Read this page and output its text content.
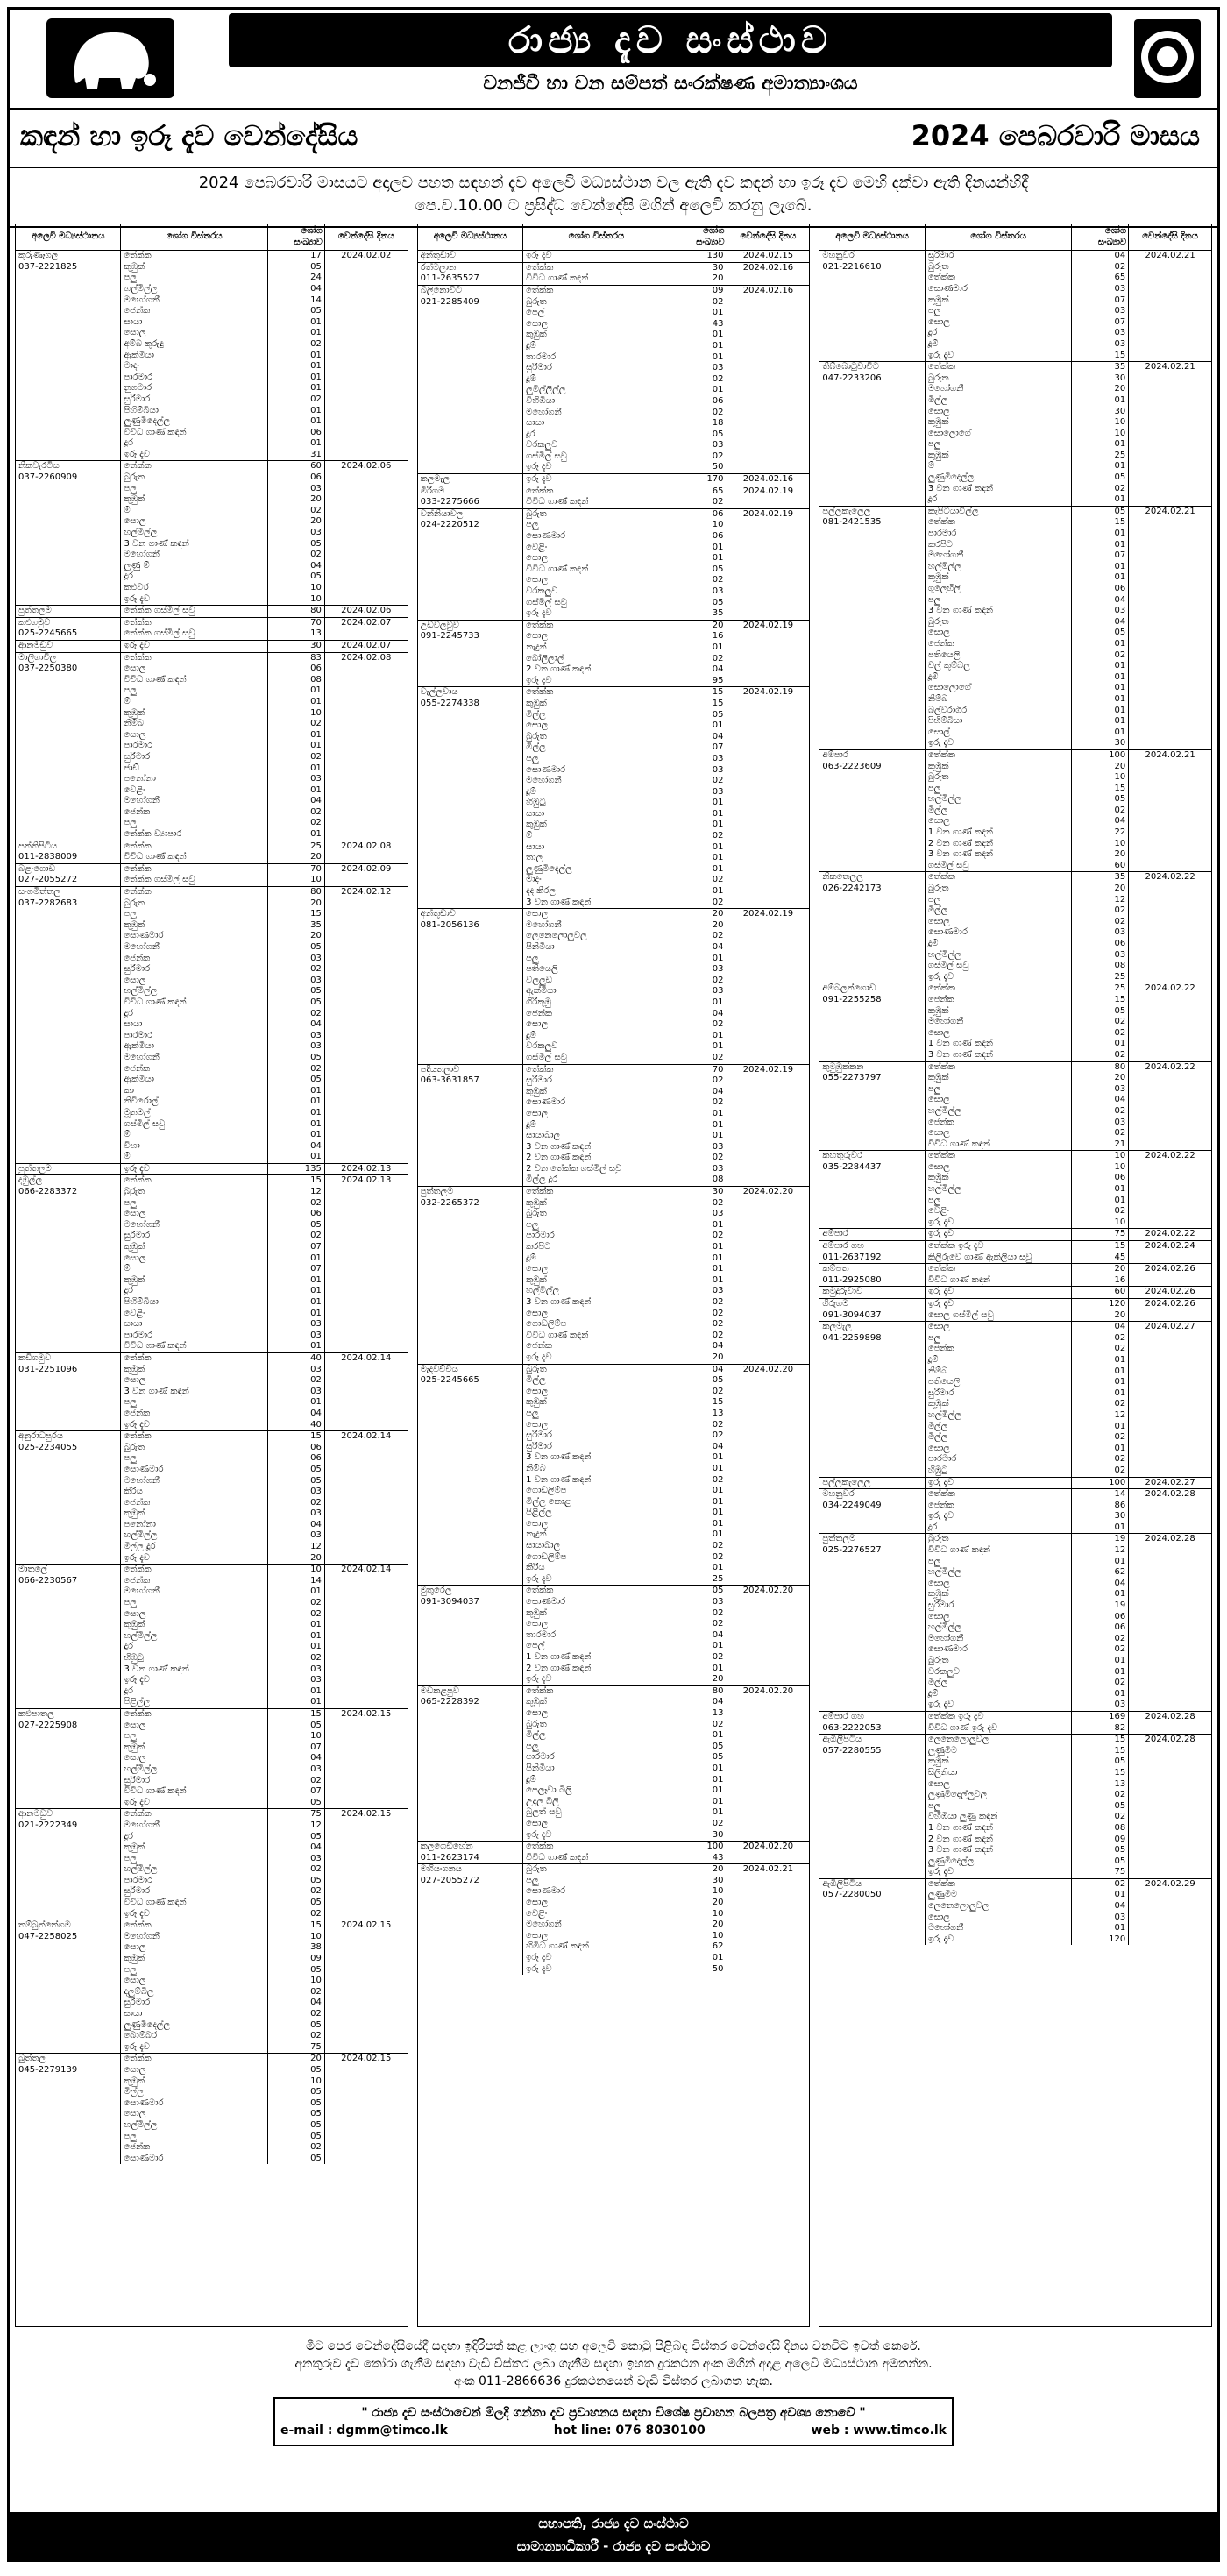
රාජ්‍ය දැව සංස්ථාව
වනජීවී හා වන සම්පත් සංරක්ෂණ අමාත්‍යාංශය
කඳන් හා ඉරූ දැව වෙන්දේසිය	2024 පෙබරවාරි මාසය
2024 පෙබරවාරි මාසයට අදාලව පහත සඳහන් දැව අලෙවි මධ්‍යස්ථාන වල ඇති දැව කඳන් හා ඉරූ දැව මෙහි දක්වා ඇති දිනයන්හිදී
පෙ.ව.10.00 ට ප්‍රසිද්ධ වෙන්දේසි මගින් අලෙවි කරනු ලැබේ.
අලෙවි මධ්‍යස්ථානය	ශෝග විස්තරය	ශෝග සංඛ්‍යාව	වෙන්දේසි දිනය
කුරුණෑගල	තේක්ක	17	2024.02.02
037-2221825	කුඹුක්	05	
	පලු	24	
	හල්මිල්ල	04	
	මහෝගනී	14	
	ජෙන්ක	05	
	සායා	01	
	සොල	01	
	අම්බ කුරුඳු	02	
	ඇක්මීයා	01	
	මාදං	01	
	පාරමාර	01	
	නුගමාර	01	
	සුරිමාර	02	
	පිහිම්බියා	01	
	ලුණුමිදෙල්ල	01	
	විවිධ ගාණ් කඳන්	06	
	දූර	01	
	ඉරූ දැව	31	
නිකවැරටිය	තේක්ක	60	2024.02.06
037-2260909	බුරුත	06	
	පලු	03	
	කුඹුක්	20	
	ම්	02	
	සොල	20	
	හල්මිල්ල	03	
	3 වන ගාණ් කඳන්	05	
	මහෝගනී	02	
	ලුණු ම්	04	
	දූර	05	
	කළුවර	10	
	ඉරූ දැව	10	
පුත්තලම	තේක්ක ගස්මිල් සවු	80	2024.02.06
කළුගමුව	තේක්ක	70	2024.02.07
025-2245665	තේක්ක ගස්මිල් සවු	13	
ආනමඩුව	ඉරූ දැව	30	2024.02.07
මාලිගාවිල	තේක්ක	83	2024.02.08
037-2250380	සොල	06	
	විවිධ ගාණ් කඳන්	08	
	පලු	01	
	ම්	01	
	කුඹුක්	10	
	නිම්බ	02	
	සොල	01	
	පාරමාර	01	
	සුරිමාර	02	
	ජාඩ්	01	
	පනෝනා	03	
	වෙළිං	01	
	මහෝගනී	04	
	ජෙන්ක	02	
	පලු	02	
	තේක්ක ව්‍යාපාර	01	
පන්තිපිටිය	තේක්ක	25	2024.02.08
011-2838009	විවිධ ගාණ් කඳන්	20	
බළංගොඩ	තේක්ක	70	2024.02.09
027-2055272	තේක්ක ගස්මිල් සවු	10	
සංගමිත්තල	තේක්ක	80	2024.02.12
037-2282683	බුරුත	20	
	පලු	15	
	කුඹුක්	35	
	සොණමාර	20	
	මහෝගනී	05	
	ජෙන්ක	03	
	සුරිමාර	02	
	සොල	03	
	හල්මිල්ල	05	
	විවිධ ගාණ් කඳන්	05	
	දූර	02	
	සායා	04	
	පාරමාර	03	
	ඇක්මීයා	03	
	මහෝගනී	05	
	ජෙන්ක	02	
	ඇක්මීයා	05	
	කා	01	
	නිවිරොල්	01	
	මූනමල්	01	
	ගස්මිල් සවු	01	
	ම්	01	
	විහා	04	
	ම්	01	
පුත්තලම	ඉරූ දැව	135	2024.02.13
දඹුල්ල	තේක්ක	15	2024.02.13
066-2283372	බුරුත	12	
	පලු	02	
	සොල	06	
	මහෝගනී	05	
	සුරිමාර	02	
	කුඹුක්	07	
	සොල	01	
	ම්	07	
	කුඹුක්	01	
	දූර	01	
	පිහිම්බියා	01	
	වෙළිං	01	
	සායා	03	
	පාරමාර	03	
	විවිධ ගාණ් කඳන්	01	
කඩිගමුව	තේක්ක	40	2024.02.14
031-2251096	කුඹුක්	03	
	සොල	02	
	3 වන ගාණ් කඳන්	03	
	පලු	01	
	ජෙන්ක	04	
	ඉරූ දැව	40	
අනුරාධපුරය	තේක්ක	15	2024.02.14
025-2234055	බුරුත	06	
	පලු	06	
	සොණමාර	05	
	මහෝගනී	05	
	කිරිය	03	
	ජෙන්ක	02	
	කුඹුක්	03	
	පනෝනා	04	
	හල්මිල්ල	03	
	මිල්ල දූර	12	
	ඉරූ දැව	20	
මාතලේ	තේක්ක	10	2024.02.14
066-2230567	ජෙන්ක	14	
	මහෝගනී	01	
	පලු	02	
	සොල	02	
	කුඹුක්	01	
	හල්මිල්ල	01	
	දූර	01	
	හිඹුටු	02	
	3 වන ගාණ් කඳන්	03	
	ඉරූ දැව	03	
	දූර	01	
	පිළිල්ල	01	
කළුපාතල	තේක්ක	15	2024.02.15
027-2225908	සොල	05	
	පලු	10	
	කුඹුක්	07	
	සොල	04	
	හල්මිල්ල	03	
	සුරිමාර	02	
	විවිධ ගාණ් කඳන්	07	
	ඉරූ දැව	05	
ආනමඩුව	තේක්ක	75	2024.02.15
021-2222349	මහෝගනී	12	
	දූර	05	
	කුඹුක්	04	
	පලු	03	
	හල්මිල්ල	02	
	පාරමාර	05	
	සුරිමාර	02	
	විවිධ ගාණ් කඳන්	05	
	ඉරූ දැව	02	
තම්බුත්තේගම	තේක්ක	15	2024.02.15
047-2258025	මහෝගනී	10	
	සොල	38	
	කුඹුක්	09	
	පලු	05	
	සොල	10	
	දලුම්බිල	02	
	සුරිමාර	04	
	සායා	02	
	ලුණුමිදෙල්ල	05	
	බොම්බර	02	
	ඉරූ දැව	75	
බුත්තල	තේක්ක	20	2024.02.15
045-2279139	සොල	05	
	කුඹුක්	10	
	මිල්ල	05	
	සොණමාර	05	
	සොල	05	
	හල්මිල්ල	05	
	පලු	05	
	ජෙන්ක	02	
	සොණමාර	05	
අලෙවි මධ්‍යස්ථානය	ශෝග විස්තරය	ශෝග සංඛ්‍යාව	වෙන්දේසි දිනය
අන්තුඩාව	ඉරූ දැව	130	2024.02.15
රත්මලාන	තේක්ක	30	2024.02.16
011-2635527	විවිධ ගාණ් කඳන්	20	
බිලිනොවිට	තේක්ක	09	2024.02.16
021-2285409	බුරුත	02	
	පෙල්	01	
	සොල	43	
	කුඹුක්	01	
	දූම්	01	
	තාරමාර	01	
	සුරිමාර	03	
	දූම්	02	
	ලුමිල්ලිල්ල	01	
	විහිඹියා	06	
	මහෝගනී	02	
	සායා	18	
	දූර	05	
	වරකලුව	03	
	ගස්මිල් සවු	02	
	ඉරූ දැව	50	
කලමැල	ඉරූ දැව	170	2024.02.16
මිරිගම	තේක්ක	65	2024.02.19
033-2275666	විවිධ ගාණ් කඳන්	02	
වන්නියාවල	බුරුත	06	2024.02.19
024-2220512	පලු	10	
	සොණමාර	06	
	වෙළිං	01	
	සොල	01	
	විවිධ ගාණ් කඳන්	05	
	සොල	02	
	වරකලුව	03	
	ගස්මිල් සවු	05	
	ඉරූ දැව	35	
උඩවලවුව	තේක්ක	20	2024.02.19
091-2245733	සොල	16	
	නැදුන්	01	
	බෝලිලාල්	02	
	2 වන ගාණ් කඳන්	04	
	ඉරූ දැව	95	
වැල්ලවාය	තේක්ක	15	2024.02.19
055-2274338	කුඹුක්	15	
	මිල්ල	05	
	සොල	01	
	බුරුත	04	
	මිල්ල	07	
	පලු	03	
	සොණමාර	03	
	මහෝගනී	02	
	දූම්	03	
	හිඹුටු	01	
	සායා	01	
	කුඹුක්	01	
	ම්	02	
	සායා	01	
	තාල	01	
	ලුණුමිදෙල්ල	01	
	මාදං	02	
	දද කිරල	01	
	3 වන ගාණ් කඳන්	02	
අන්තුඩාව	සොල	20	2024.02.19
081-2056136	මහෝගනී	20	
	ලෙනෙලොලුවල	02	
	පිනිමියා	04	
	පලු	01	
	පතියෙලි	03	
	වලලුඩ	02	
	ඇක්මීයා	03	
	ගිරිකුඹු	01	
	ජෙන්ක	04	
	සොල	02	
	දූම්	01	
	වරකලුව	01	
	ගස්මිල් සවු	02	
පදියතලාව	තේක්ක	70	2024.02.19
063-3631857	සුරිමාර	02	
	කුඹුක්	04	
	සොණමාර	02	
	සොල	01	
	දූම්	01	
	සායාබාල	01	
	3 වන ගාණ් කඳන්	03	
	2 වන ගාණ් කඳන්	02	
	2 වන තේක්ක ගස්මිල් සවු	03	
	මිල්ල දූර	08	
පුත්තලම	තේක්ක	30	2024.02.20
032-2265372	කුඹුක්	02	
	බුරුත	03	
	පලු	01	
	පාරමාර	02	
	කරපිට	01	
	දූම්	01	
	සොල	01	
	කුඹුක්	01	
	හල්මිල්ල	03	
	3 වන ගාණ් කඳන්	02	
	සොල	02	
	ගොඩලිම්ප	02	
	විවිධ ගාණ් කඳන්	02	
	ජෙන්ක	04	
	ඉරූ දැව	20	
මැදවච්චිය	බුරුත	04	2024.02.20
025-2245665	මිල්ල	05	
	සොල	02	
	කුඹුක්	15	
	පලු	13	
	සොල	02	
	සුරිමාර	02	
	සුරිමාර	04	
	3 වන ගාණ් කඳන්	01	
	නිම්බ	01	
	1 වන ගාණ් කඳන්	02	
	ගොඩලිම්ප	01	
	මිල්ල කොළ	01	
	පිළිල්ල	01	
	සොල	01	
	නැදුන්	01	
	සායාබාල	02	
	ගොඩලිම්ප	02	
	කිරිය	01	
	ඉරූ දැව	25	
මුතුරෙල	තේක්ක	05	2024.02.20
091-3094037	සොණමාර	03	
	කුඹුක්	02	
	සොල	02	
	තාරමාර	04	
	පෙල්	01	
	1 වන ගාණ් කඳන්	02	
	2 වන ගාණ් කඳන්	01	
	ඉරූ දැව	20	
මඩකළපුව	තේක්ක	80	2024.02.20
065-2228392	කුඹුක්	04	
	සොල	13	
	බුරුත	02	
	මිල්ල	01	
	පලු	05	
	පාරමාර	05	
	පිනිමියා	01	
	දූම්	01	
	පෙලෑවා බිලි	01	
	උදල බිලි	01	
	බුලත් සවු	01	
	සොල	02	
	ඉරූ දැව	30	
කලගෙඩිහේන	තේක්ක	100	2024.02.20
011-2623174	විවිධ ගාණ් කඳන්	43	
මහියංගනය	බුරුත	20	2024.02.21
027-2055272	පලු	30	
	සොණමාර	10	
	සොල	20	
	වෙළිං	10	
	මහෝගනී	20	
	සොල	10	
	හිමිධ ගාණ් කඳන්	62	
	ඉරූ දැව	01	
	ඉරූ දැව	50	
අලෙවි මධ්‍යස්ථානය	ශෝග විස්තරය	ශෝග සංඛ්‍යාව	වෙන්දේසි දිනය
මහනුවර	සුරිමාර	04	2024.02.21
021-2216610	බුරුත	02	
	තේක්ක	65	
	සොණමාර	03	
	කුඹුක්	07	
	පලු	03	
	සොල	07	
	දූර	03	
	දූම්	03	
	ඉරූ දැව	15	
තිබ්බොටුවාවිට	තේක්ක	35	2024.02.21
047-2233206	බුරුත	30	
	මහෝගනී	20	
	මිල්ල	01	
	සොල	30	
	කුඹුක්	10	
	සොලොගේ	10	
	පලු	01	
	කුඹුක්	25	
	ම්	01	
	ලුණුමිදෙල්ල	05	
	3 වන ගාණ් කඳන්	02	
	දූර	01	
පල්ලකැලෙල	කැපිටයාවිල්ල	05	2024.02.21
081-2421535	තේක්ක	15	
	පාරමාර	01	
	කරපිට	01	
	මහෝගනී	07	
	හල්මිල්ල	01	
	කුඹුක්	01	
	ගුලෙහිලි	06	
	පලු	04	
	3 වන ගාණ් කඳන්	03	
	බුරුත	04	
	සොල	05	
	ජෙන්ක	01	
	පතියෙලි	02	
	වල් කුම්බල	01	
	දූම්	01	
	සොලොගේ	01	
	නිම්බ	01	
	බල්වරාගිර	01	
	පිහිම්බියා	01	
	සොල්	01	
	ඉරූ දැව	30	
අම්පාර	තේක්ක	100	2024.02.21
063-2223609	කුඹුක්	20	
	බුරුත	10	
	පලු	15	
	හල්මිල්ල	05	
	මිල්ල	02	
	සොල	04	
	1 වන ගාණ් කඳන්	22	
	2 වන ගාණ් කඳන්	10	
	3 වන ගාණ් කඳන්	20	
	ගස්මිල් සවු	60	
නිකතෙලල	තේක්ක	35	2024.02.22
026-2242173	බුරුත	20	
	පලු	12	
	මිල්ල	02	
	සොල	02	
	සොණමාර	03	
	දූම්	06	
	හල්මිල්ල	03	
	ගස්මිල් සවු	08	
	ඉරූ දැව	25	
අම්බලන්ගොඩ	තේක්ක	25	2024.02.22
091-2255258	ජෙන්ක	15	
	කුඹුක්	05	
	මහෝගනී	02	
	සොල	02	
	1 වන ගාණ් කඳන්	01	
	3 වන ගාණ් කඳන්	02	
කුමුඹුක්කන	තේක්ක	80	2024.02.22
055-2273797	කුඹුක්	20	
	පලු	03	
	සොල	04	
	හල්මිල්ල	02	
	ජෙන්ක	03	
	සොල	02	
	විවිධ ගාණ් කඳන්	21	
කහතුරුවර	තේක්ක	10	2024.02.22
035-2284437	සොල	10	
	කුඹුක්	06	
	හල්මිල්ල	01	
	පලු	01	
	වෙළිං	02	
	ඉරූ දැව	10	
අම්පාර	ඉරූ දැව	75	2024.02.22
අම්පාර ගහ	තේක්ක ඉරූ දැව	15	2024.02.24
011-2637192	කිලිරුවෙ ගාණ් ඇකිලියා සවු	45	
කම්පත	තේක්ක	20	2024.02.26
011-2925080	විවිධ ගාණ් කඳන්	16	
කමුදුරුවාව	ඉරූ දැව	60	2024.02.26
ගිරුගම	ඉරූ දැව	120	2024.02.26
091-3094037	සොල ගස්මිල් සවු	20	
කලමැල	සොල	04	2024.02.27
041-2259898	පලු	02	
	ජෙන්ක	02	
	දූම්	01	
	නිම්බ	01	
	පතියෙලි	01	
	සුරිමාර	01	
	කුඹුක්	02	
	හල්මිල්ල	12	
	මිල්ල	01	
	මිල්ල	02	
	සොල	01	
	පාරමාර	02	
	හිඹුටු	02	
පල්ලකැලෙල	ඉරූ දැව	100	2024.02.27
මහනුවර	තේක්ක	14	2024.02.28
034-2249049	ජෙන්ක	86	
	ඉරූ දැව	30	
	දූර	01	
පුත්තලම	බුරුත	19	2024.02.28
025-2276527	විවිධ ගාණ් කඳන්	12	
	පලු	01	
	හල්මිල්ල	62	
	සොල	04	
	කුඹුක්	01	
	සුරිමාර	19	
	සොල	06	
	හල්මිල්ල	06	
	මහෝගනී	02	
	සොණමාර	02	
	බුරුත	01	
	වරකලුව	01	
	මිල්ල	02	
	දූම්	01	
	ඉරූ දැව	03	
අම්පාර ගහ	තේක්ක ඉරූ දැව	169	2024.02.28
063-2222053	විවිධ ගාණ් ඉරූ දැව	82	
ඇඹිලිපිටිය	ලෙනෙලොලුවල	15	2024.02.28
057-2280555	ලුණුමිම	15	
	කුඹුක්	05	
	සිලිනියා	15	
	සොල	13	
	ලුණුමිදෙල්ලුවල	02	
	පලු	05	
	විහිඹියා ලුණු කඳන්	02	
	1 වන ගාණ් කඳන්	08	
	2 වන ගාණ් කඳන්	09	
	3 වන ගාණ් කඳන්	05	
	ලුණුමිදෙල්ල	05	
	ඉරූ දැව	75	
ඇඹිලිපිටිය	තේක්ක	02	2024.02.29
057-2280050	ලුණුමිම	01	
	ලෙනෙලොලුවල	04	
	සොල	03	
	මහෝගනී	01	
	ඉරූ දැව	120	
මීට පෙර වෙන්දේසියේදී සඳහා ඉදිරිපත් කළ ලාංගු සහ අලෙවි කොටු පිළිබඳ විස්තර වෙන්දේසි දිනය වනවිට ඉවත් කෙරේ.
අනතුරුව දැව තෝරා ගැනීම සඳහා වැඩි විස්තර ලබා ගැනීම සඳහා ඉහත දුරකථන අංක මගින් අදාළ අලෙවි මධ්‍යස්ථාන අමතන්න.
අංක 011-2866636 දුරකථනයෙන් වැඩි විස්තර ලබාගත හැක.
" රාජ්‍ය දැව සංස්ථාවෙන් මිලදී ගන්නා දැව ප්‍රවාහනය සඳහා විශේෂ ප්‍රවාහන බලපත්‍ර අවශ්‍ය නොවේ "
e-mail : dgmm@timco.lk	hot line: 076 8030100	web : www.timco.lk
සභාපති, රාජ්‍ය දැව සංස්ථාව
සාමාන්‍යාධිකාරී - රාජ්‍ය දැව සංස්ථාව
